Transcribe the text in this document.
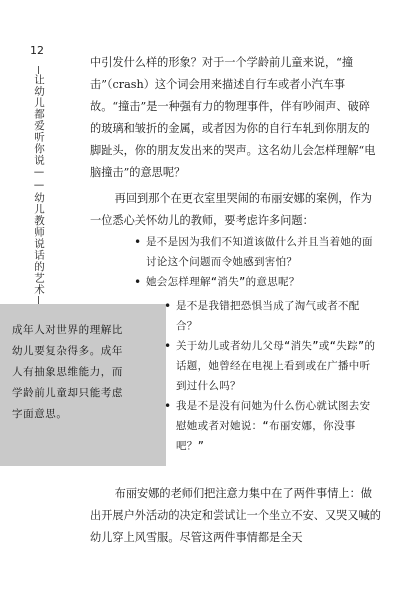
12
让幼儿都爱听你说——幼儿教师说话的艺术

中引发什么样的形象？对于一个学龄前儿童来说，“撞击”（crash）这个词会用来描述自行车或者小汽车事故。“撞击”是一种强有力的物理事件，伴有吵闹声、破碎的玻璃和皱折的金属，或者因为你的自行车轧到你朋友的脚趾头，你的朋友发出来的哭声。这名幼儿会怎样理解“电脑撞击”的意思呢？

再回到那个在更衣室里哭闹的布丽安娜的案例，作为一位悉心关怀幼儿的教师，要考虑许多问题：

• 是不是因为我们不知道该做什么并且当着她的面讨论这个问题而令她感到害怕？
• 她会怎样理解“消失”的意思呢？
成年人对世界的理解比幼儿要复杂得多。成年人有抽象思维能力，而学龄前儿童却只能考虑字面意思。
• 是不是我错把恐惧当成了淘气或者不配合？
• 关于幼儿或者幼儿父母“消失”或“失踪”的话题，她曾经在电视上看到或在广播中听到过什么吗？
• 我是不是没有问她为什么伤心就试图去安慰她或者对她说：“布丽安娜，你没事吧？”
布丽安娜的老师们把注意力集中在了两件事情上：做出开展户外活动的决定和尝试让一个坐立不安、又哭又喊的幼儿穿上风雪服。尽管这两件事情都是全天
